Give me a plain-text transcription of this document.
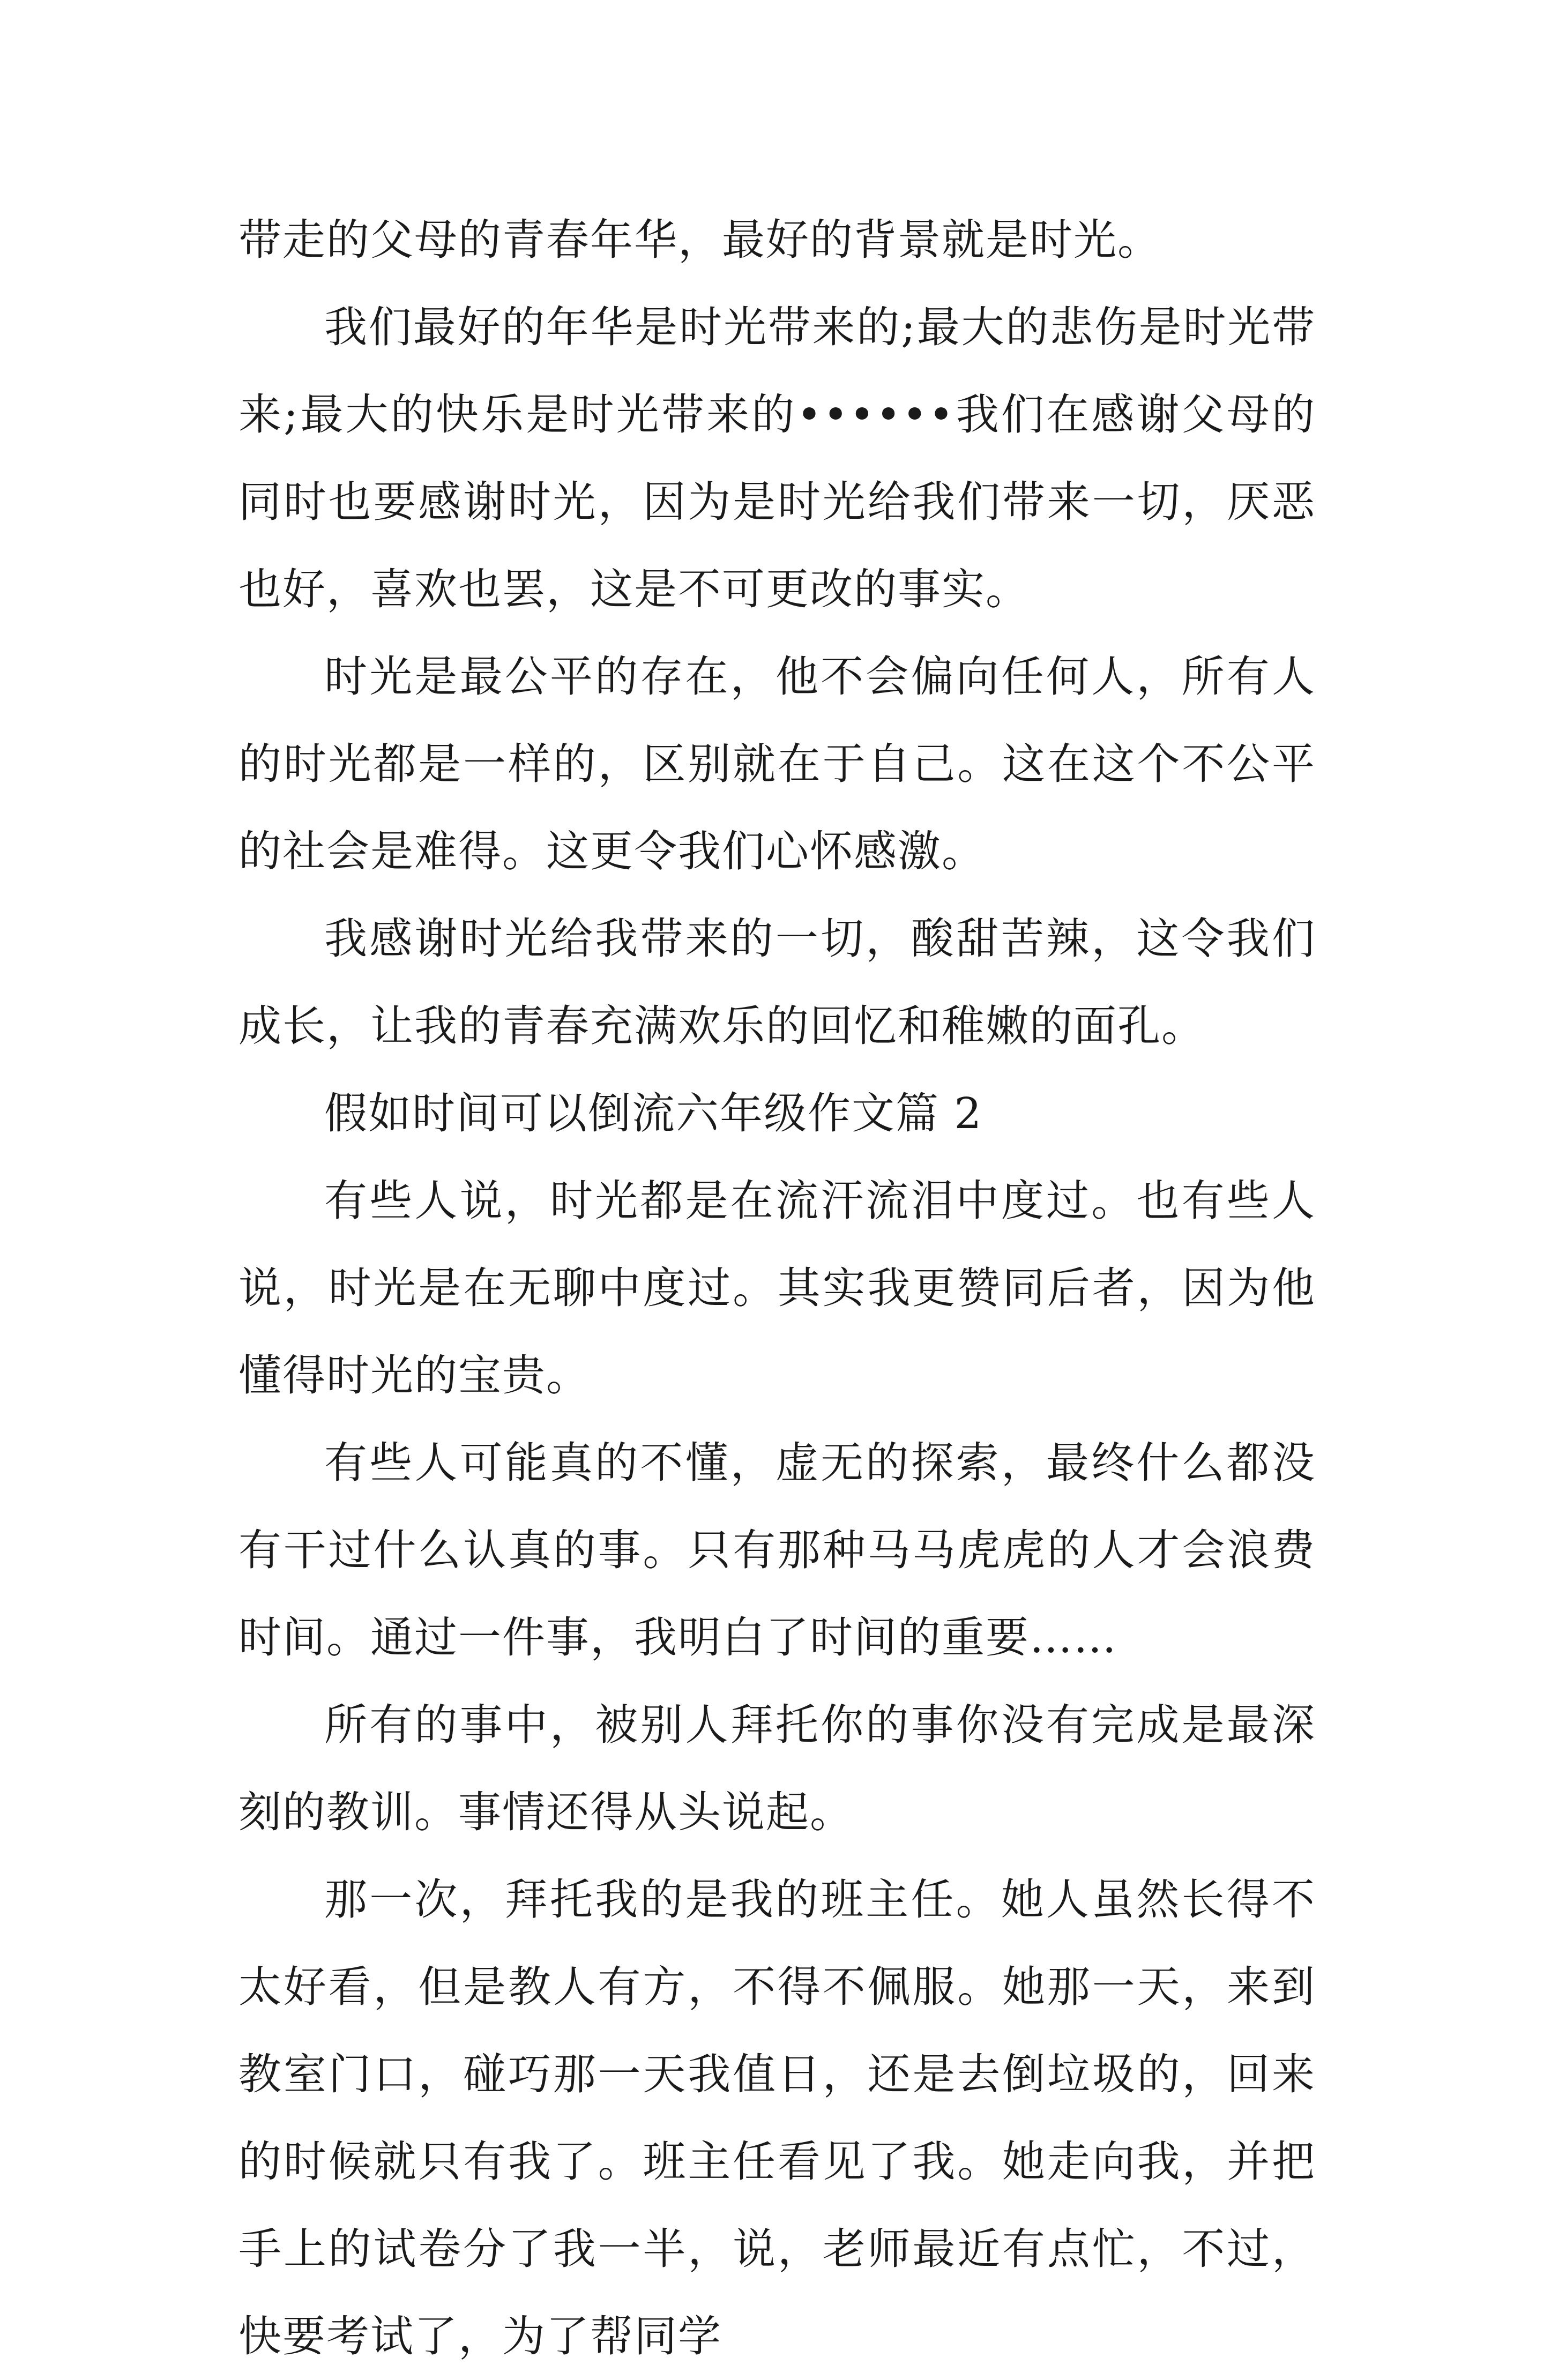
带走的父母的青春年华，最好的背景就是时光。

我们最好的年华是时光带来的;最大的悲伤是时光带来;最大的快乐是时光带来的••••••我们在感谢父母的同时也要感谢时光，因为是时光给我们带来一切，厌恶也好，喜欢也罢，这是不可更改的事实。

时光是最公平的存在，他不会偏向任何人，所有人的时光都是一样的，区别就在于自己。这在这个不公平的社会是难得。这更令我们心怀感激。

我感谢时光给我带来的一切，酸甜苦辣，这令我们成长，让我的青春充满欢乐的回忆和稚嫩的面孔。

假如时间可以倒流六年级作文篇 2

有些人说，时光都是在流汗流泪中度过。也有些人说，时光是在无聊中度过。其实我更赞同后者，因为他懂得时光的宝贵。

有些人可能真的不懂，虚无的探索，最终什么都没有干过什么认真的事。只有那种马马虎虎的人才会浪费时间。通过一件事，我明白了时间的重要……

所有的事中，被别人拜托你的事你没有完成是最深刻的教训。事情还得从头说起。

那一次，拜托我的是我的班主任。她人虽然长得不太好看，但是教人有方，不得不佩服。她那一天，来到教室门口，碰巧那一天我值日，还是去倒垃圾的，回来的时候就只有我了。班主任看见了我。她走向我，并把手上的试卷分了我一半，说，老师最近有点忙，不过，快要考试了，为了帮同学
